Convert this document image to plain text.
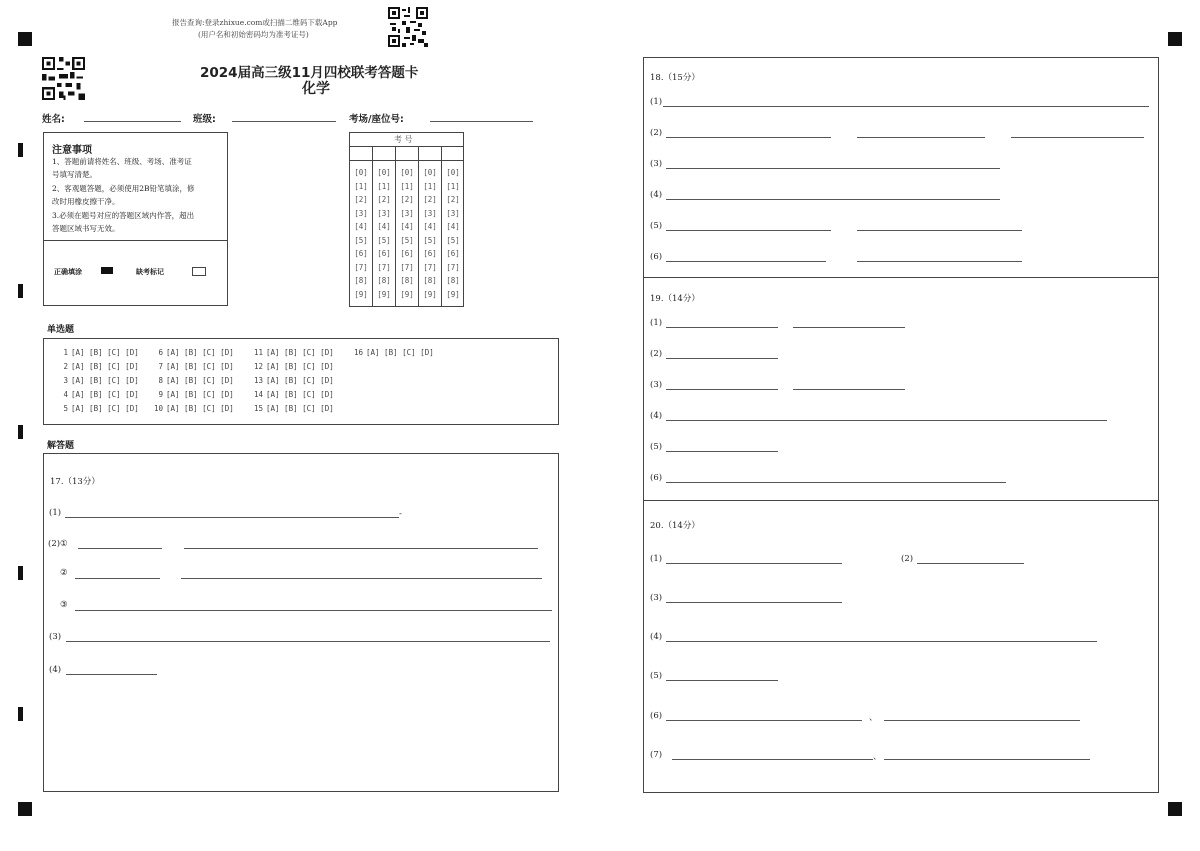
报告查询:登录zhixue.com或扫描二维码下载App
(用户名和初始密码均为准考证号)
2024届高三级11月四校联考答题卡
化学
姓名:	班级:	考场/座位号:
注意事项
1、答题前请将姓名、班级、考场、准考证
号填写清楚。
2、客观题答题，必须使用2B铅笔填涂，修
改时用橡皮擦干净。
3.必须在题号对应的答题区域内作答，超出
答题区域书写无效。
正确填涂	缺考标记
考 号
[0]
[1]
[2]
[3]
[4]
[5]
[6]
[7]
[8]
[9]
[0]
[1]
[2]
[3]
[4]
[5]
[6]
[7]
[8]
[9]
[0]
[1]
[2]
[3]
[4]
[5]
[6]
[7]
[8]
[9]
[0]
[1]
[2]
[3]
[4]
[5]
[6]
[7]
[8]
[9]
[0]
[1]
[2]
[3]
[4]
[5]
[6]
[7]
[8]
[9]
单选题
1 [A] [B] [C] [D]
2 [A] [B] [C] [D]
3 [A] [B] [C] [D]
4 [A] [B] [C] [D]
5 [A] [B] [C] [D]
6 [A] [B] [C] [D]
7 [A] [B] [C] [D]
8 [A] [B] [C] [D]
9 [A] [B] [C] [D]
10 [A] [B] [C] [D]
11 [A] [B] [C] [D]
12 [A] [B] [C] [D]
13 [A] [B] [C] [D]
14 [A] [B] [C] [D]
15 [A] [B] [C] [D]
16 [A] [B] [C] [D]
解答题
17.（13分）
(1)	-
(2)①
②
③
(3)
(4)
18.（15分）
(1)
(2)
(3)
(4)
(5)
(6)
19.（14分）
(1)
(2)
(3)
(4)
(5)
(6)
20.（14分）
(1)	(2)
(3)
(4)
(5)
(6)	、
(7)	、
